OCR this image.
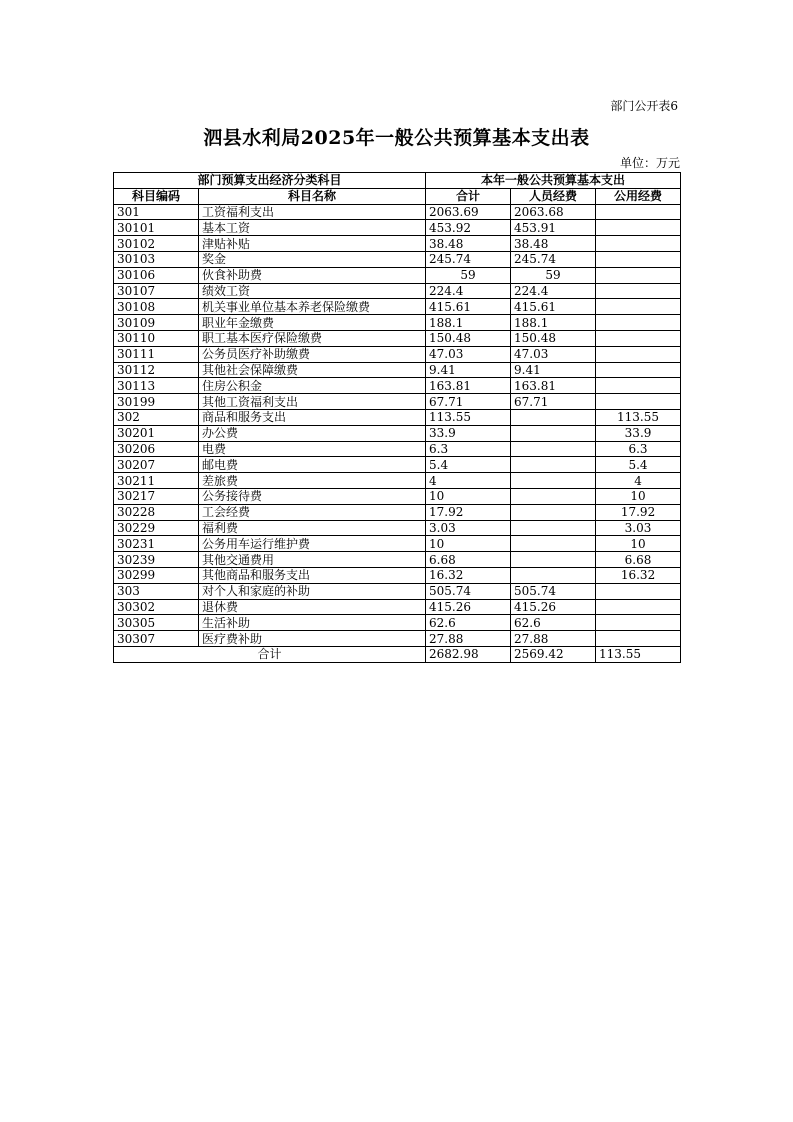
部门公开表6
泗县水利局2025年一般公共预算基本支出表
单位：万元
部门预算支出经济分类科目		本年一般公共预算基本支出		
科目编码	科目名称	合计	人员经费	公用经费
301	工资福利支出	2063.69	2063.68	
30101	基本工资	453.92	453.91	
30102	津贴补贴	38.48	38.48	
30103	奖金	245.74	245.74	
30106	伙食补助费	59	59	
30107	绩效工资	224.4	224.4	
30108	机关事业单位基本养老保险缴费	415.61	415.61	
30109	职业年金缴费	188.1	188.1	
30110	职工基本医疗保险缴费	150.48	150.48	
30111	公务员医疗补助缴费	47.03	47.03	
30112	其他社会保障缴费	9.41	9.41	
30113	住房公积金	163.81	163.81	
30199	其他工资福利支出	67.71	67.71	
302	商品和服务支出	113.55		113.55
30201	办公费	33.9		33.9
30206	电费	6.3		6.3
30207	邮电费	5.4		5.4
30211	差旅费	4		4
30217	公务接待费	10		10
30228	工会经费	17.92		17.92
30229	福利费	3.03		3.03
30231	公务用车运行维护费	10		10
30239	其他交通费用	6.68		6.68
30299	其他商品和服务支出	16.32		16.32
303	对个人和家庭的补助	505.74	505.74	
30302	退休费	415.26	415.26	
30305	生活补助	62.6	62.6	
30307	医疗费补助	27.88	27.88	
合计		2682.98	2569.42	113.55
